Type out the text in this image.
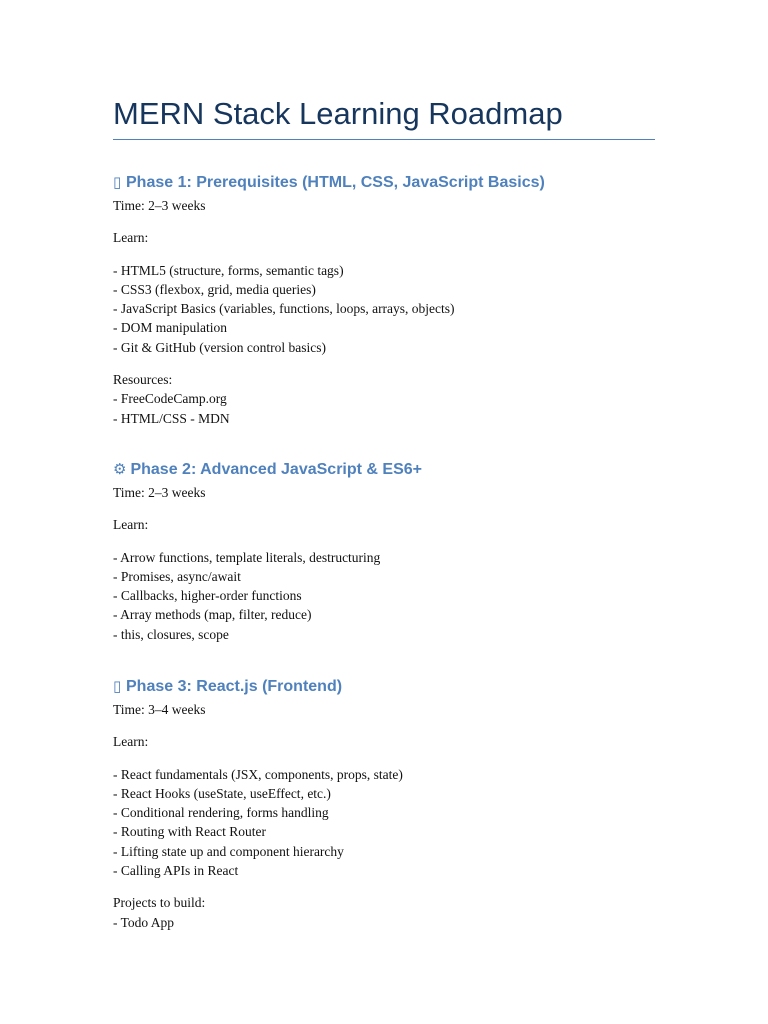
MERN Stack Learning Roadmap
▯ Phase 1: Prerequisites (HTML, CSS, JavaScript Basics)
Time: 2–3 weeks
Learn:
- HTML5 (structure, forms, semantic tags)
- CSS3 (flexbox, grid, media queries)
- JavaScript Basics (variables, functions, loops, arrays, objects)
- DOM manipulation
- Git & GitHub (version control basics)
Resources:
- FreeCodeCamp.org
- HTML/CSS - MDN
⚙ Phase 2: Advanced JavaScript & ES6+
Time: 2–3 weeks
Learn:
- Arrow functions, template literals, destructuring
- Promises, async/await
- Callbacks, higher-order functions
- Array methods (map, filter, reduce)
- this, closures, scope
▯ Phase 3: React.js (Frontend)
Time: 3–4 weeks
Learn:
- React fundamentals (JSX, components, props, state)
- React Hooks (useState, useEffect, etc.)
- Conditional rendering, forms handling
- Routing with React Router
- Lifting state up and component hierarchy
- Calling APIs in React
Projects to build:
- Todo App
